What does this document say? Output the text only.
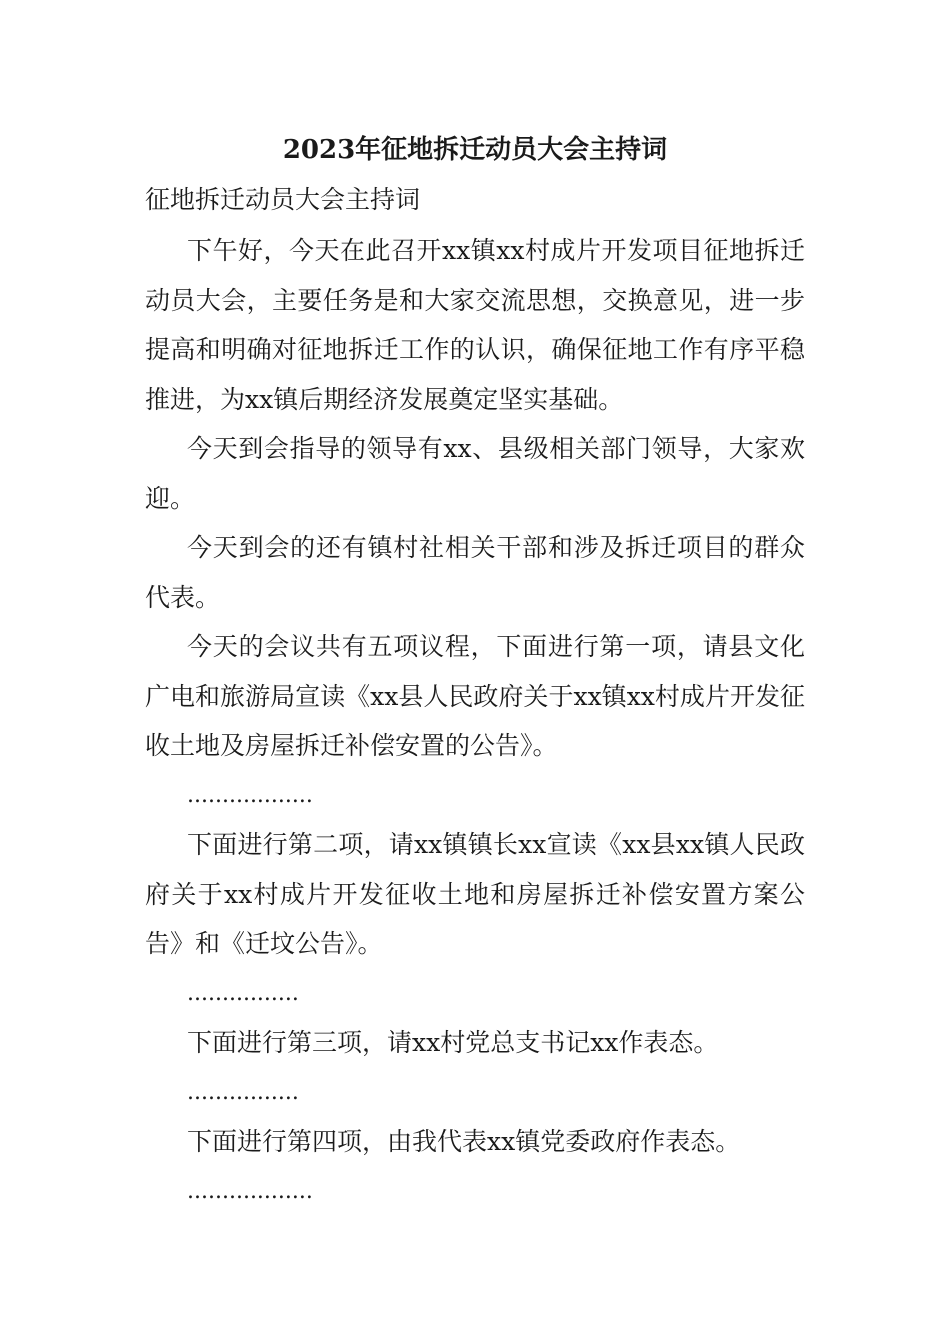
2023年征地拆迁动员大会主持词
征地拆迁动员大会主持词

下午好，今天在此召开xx镇xx村成片开发项目征地拆迁动员大会，主要任务是和大家交流思想，交换意见，进一步提高和明确对征地拆迁工作的认识，确保征地工作有序平稳推进，为xx镇后期经济发展奠定坚实基础。

今天到会指导的领导有xx、县级相关部门领导，大家欢迎。

今天到会的还有镇村社相关干部和涉及拆迁项目的群众代表。

今天的会议共有五项议程，下面进行第一项，请县文化广电和旅游局宣读《xx县人民政府关于xx镇xx村成片开发征收土地及房屋拆迁补偿安置的公告》。

..................

下面进行第二项，请xx镇镇长xx宣读《xx县xx镇人民政府关于xx村成片开发征收土地和房屋拆迁补偿安置方案公告》和《迁坟公告》。

................

下面进行第三项，请xx村党总支书记xx作表态。

................

下面进行第四项，由我代表xx镇党委政府作表态。

..................
